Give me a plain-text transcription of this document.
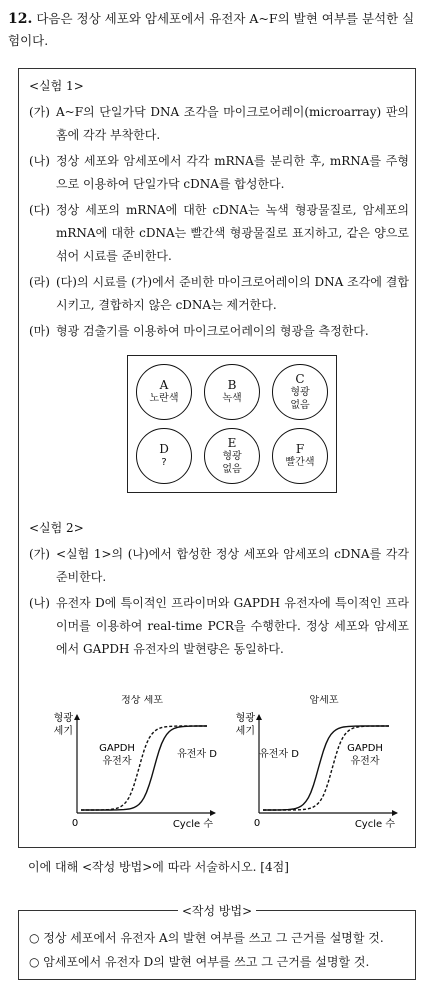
12. 다음은 정상 세포와 암세포에서 유전자 A~F의 발현 여부를 분석한 실험이다.
<실험 1>
(가) A~F의 단일가닥 DNA 조각을 마이크로어레이(microarray) 판의 홈에 각각 부착한다.
(나) 정상 세포와 암세포에서 각각 mRNA를 분리한 후, mRNA를 주형으로 이용하여 단일가닥 cDNA를 합성한다.
(다) 정상 세포의 mRNA에 대한 cDNA는 녹색 형광물질로, 암세포의 mRNA에 대한 cDNA는 빨간색 형광물질로 표지하고, 같은 양으로 섞어 시료를 준비한다.
(라) (다)의 시료를 (가)에서 준비한 마이크로어레이의 DNA 조각에 결합시키고, 결합하지 않은 cDNA는 제거한다.
(마) 형광 검출기를 이용하여 마이크로어레이의 형광을 측정한다.
A
노란색
B
녹색
C
형광 없음
D
?
E
형광 없음
F
빨간색
<실험 2>
(가) <실험 1>의 (나)에서 합성한 정상 세포와 암세포의 cDNA를 각각 준비한다.
(나) 유전자 D에 특이적인 프라이머와 GAPDH 유전자에 특이적인 프라이머를 이용하여 real-time PCR을 수행한다. 정상 세포와 암세포에서 GAPDH 유전자의 발현량은 동일하다.
정상 세포
형광
세기
0	Cycle 수
GAPDH
유전자
유전자 D
암세포
형광
세기
0	Cycle 수
유전자 D
GAPDH
유전자
이에 대해 <작성 방법>에 따라 서술하시오. [4점]
<작성 방법>
○ 정상 세포에서 유전자 A의 발현 여부를 쓰고 그 근거를 설명할 것.
○ 암세포에서 유전자 D의 발현 여부를 쓰고 그 근거를 설명할 것.
